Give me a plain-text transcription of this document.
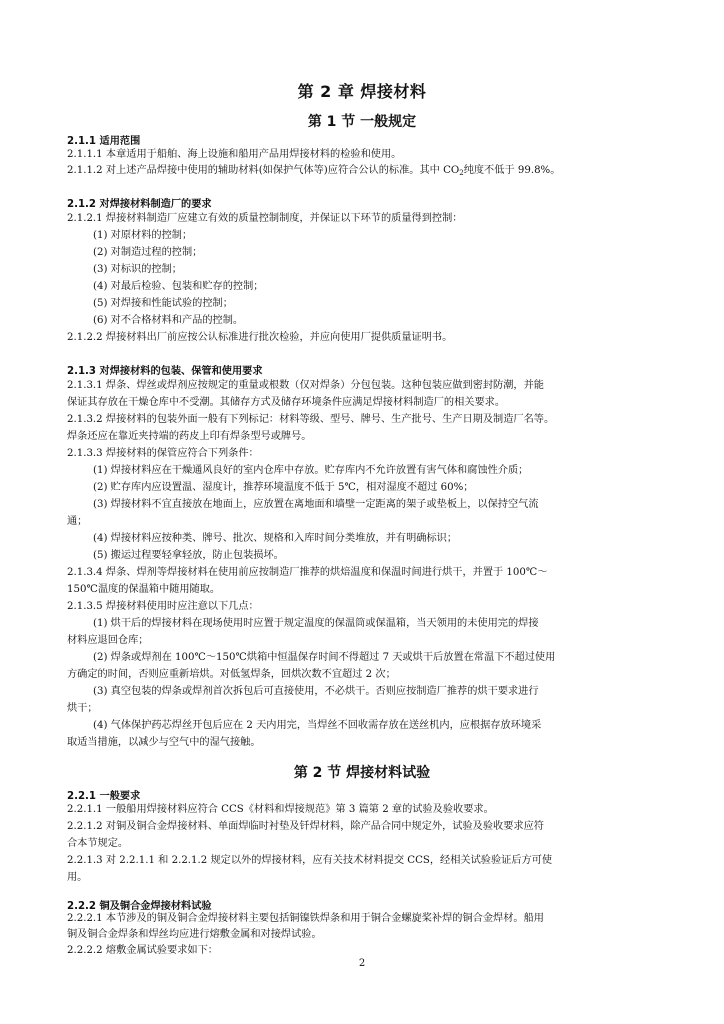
第 2 章 焊接材料
第 1 节 一般规定
2.1.1 适用范围
2.1.1.1 本章适用于船舶、海上设施和船用产品用焊接材料的检验和使用。
2.1.1.2 对上述产品焊接中使用的辅助材料(如保护气体等)应符合公认的标准。其中 $CO_2$纯度不低于 99.8%。
2.1.2 对焊接材料制造厂的要求
2.1.2.1 焊接材料制造厂应建立有效的质量控制制度，并保证以下环节的质量得到控制：
(1) 对原材料的控制；
(2) 对制造过程的控制；
(3) 对标识的控制；
(4) 对最后检验、包装和贮存的控制；
(5) 对焊接和性能试验的控制；
(6) 对不合格材料和产品的控制。
2.1.2.2 焊接材料出厂前应按公认标准进行批次检验，并应向使用厂提供质量证明书。
2.1.3 对焊接材料的包装、保管和使用要求
2.1.3.1 焊条、焊丝或焊剂应按规定的重量或根数（仅对焊条）分包包装。这种包装应做到密封防潮，并能
保证其存放在干燥仓库中不受潮。其储存方式及储存环境条件应满足焊接材料制造厂的相关要求。
2.1.3.2 焊接材料的包装外面一般有下列标记：材料等级、型号、牌号、生产批号、生产日期及制造厂名等。
焊条还应在靠近夹持端的药皮上印有焊条型号或牌号。
2.1.3.3 焊接材料的保管应符合下列条件：
(1) 焊接材料应在干燥通风良好的室内仓库中存放。贮存库内不允许放置有害气体和腐蚀性介质；
(2) 贮存库内应设置温、湿度计，推荐环境温度不低于 5℃，相对湿度不超过 60%；
(3) 焊接材料不宜直接放在地面上，应放置在离地面和墙壁一定距离的架子或垫板上，以保持空气流
通；
(4) 焊接材料应按种类、牌号、批次、规格和入库时间分类堆放，并有明确标识；
(5) 搬运过程要轻拿轻放，防止包装损坏。
2.1.3.4 焊条、焊剂等焊接材料在使用前应按制造厂推荐的烘焙温度和保温时间进行烘干，并置于 100℃～
150℃温度的保温箱中随用随取。
2.1.3.5 焊接材料使用时应注意以下几点：
(1) 烘干后的焊接材料在现场使用时应置于规定温度的保温筒或保温箱，当天领用的未使用完的焊接
材料应退回仓库；
(2) 焊条或焊剂在 100℃～150℃烘箱中恒温保存时间不得超过 7 天或烘干后放置在常温下不超过使用
方确定的时间，否则应重新培烘。对低氢焊条，回烘次数不宜超过 2 次；
(3) 真空包装的焊条或焊剂首次拆包后可直接使用，不必烘干。否则应按制造厂推荐的烘干要求进行
烘干；
(4) 气体保护药芯焊丝开包后应在 2 天内用完，当焊丝不回收需存放在送丝机内，应根据存放环境采
取适当措施，以减少与空气中的湿气接触。
第 2 节 焊接材料试验
2.2.1 一般要求
2.2.1.1 一般船用焊接材料应符合 CCS《材料和焊接规范》第 3 篇第 2 章的试验及验收要求。
2.2.1.2 对铜及铜合金焊接材料、单面焊临时衬垫及钎焊材料，除产品合同中规定外，试验及验收要求应符
合本节规定。
2.2.1.3 对 2.2.1.1 和 2.2.1.2 规定以外的焊接材料，应有关技术材料提交 CCS，经相关试验验证后方可使
用。
2.2.2 铜及铜合金焊接材料试验
2.2.2.1 本节涉及的铜及铜合金焊接材料主要包括铜镍铁焊条和用于铜合金螺旋桨补焊的铜合金焊材。船用
铜及铜合金焊条和焊丝均应进行熔敷金属和对接焊试验。
2.2.2.2 熔敷金属试验要求如下：
2
